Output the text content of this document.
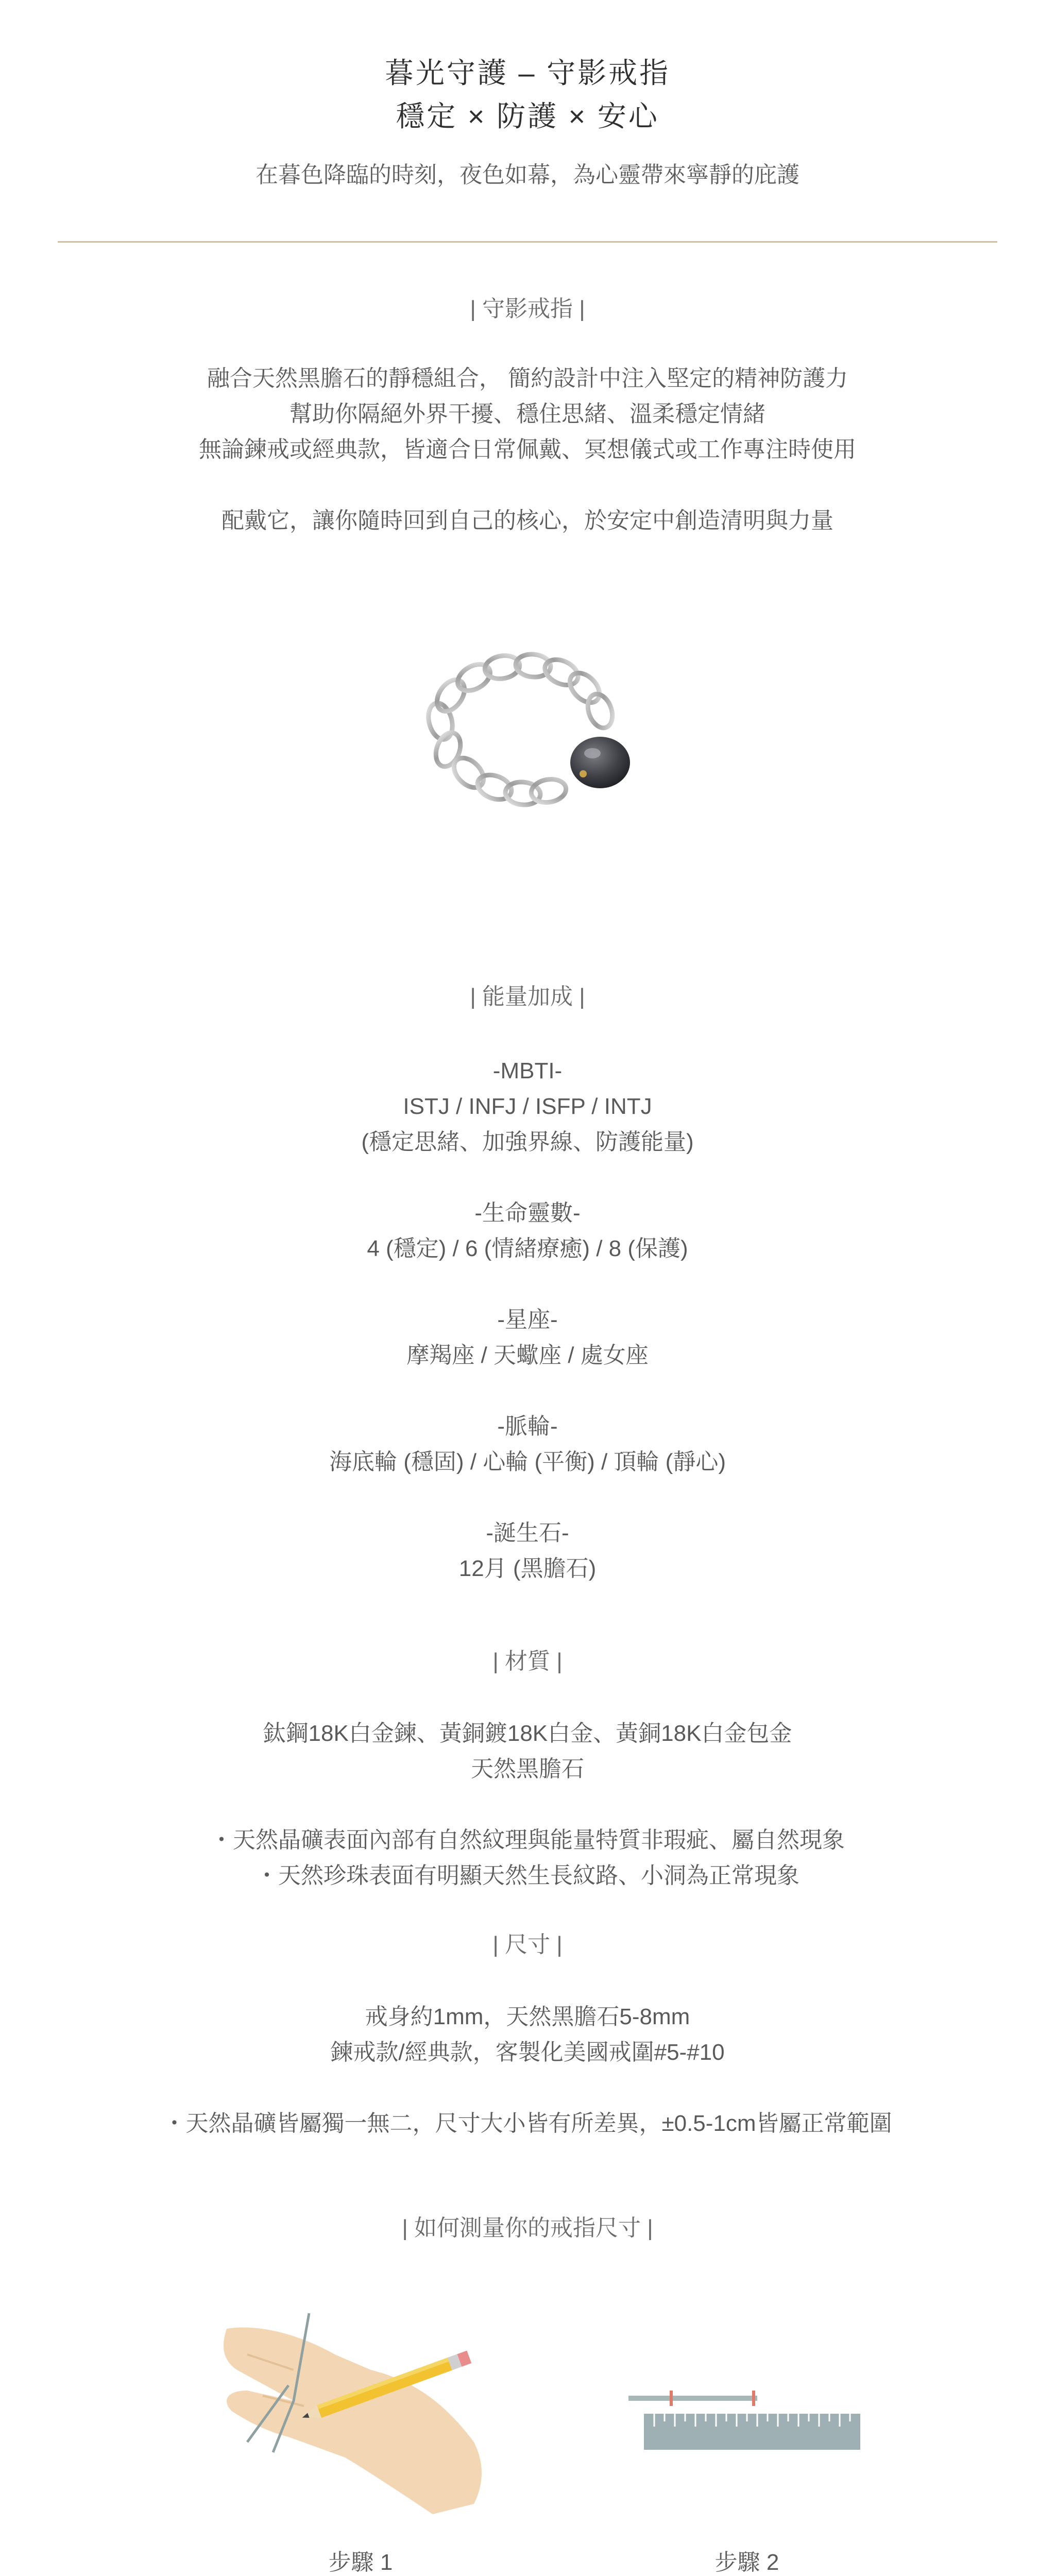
暮光守護 – 守影戒指
穩定 × 防護 × 安心
在暮色降臨的時刻，夜色如幕，為心靈帶來寧靜的庇護
| 守影戒指 |
融合天然黑膽石的靜穩組合， 簡約設計中注入堅定的精神防護力
幫助你隔絕外界干擾、穩住思緒、溫柔穩定情緒
無論鍊戒或經典款，皆適合日常佩戴、冥想儀式或工作專注時使用
配戴它，讓你隨時回到自己的核心，於安定中創造清明與力量
| 能量加成 |
-MBTI-
ISTJ / INFJ / ISFP / INTJ
(穩定思緒、加強界線、防護能量)
-生命靈數-
4 (穩定) / 6 (情緒療癒) / 8 (保護)
-星座-
摩羯座 / 天蠍座 / 處女座
-脈輪-
海底輪 (穩固) / 心輪 (平衡) / 頂輪 (靜心)
-誕生石-
12月 (黑膽石)
| 材質 |
鈦鋼18K白金鍊、黃銅鍍18K白金、黃銅18K白金包金
天然黑膽石
・天然晶礦表面內部有自然紋理與能量特質非瑕疵、屬自然現象
・天然珍珠表面有明顯天然生長紋路、小洞為正常現象
| 尺寸 |
戒身約1mm，天然黑膽石5-8mm
鍊戒款/經典款，客製化美國戒圍#5-#10
・天然晶礦皆屬獨一無二，尺寸大小皆有所差異，±0.5-1cm皆屬正常範圍
| 如何測量你的戒指尺寸 |
步驟 1	步驟 2
